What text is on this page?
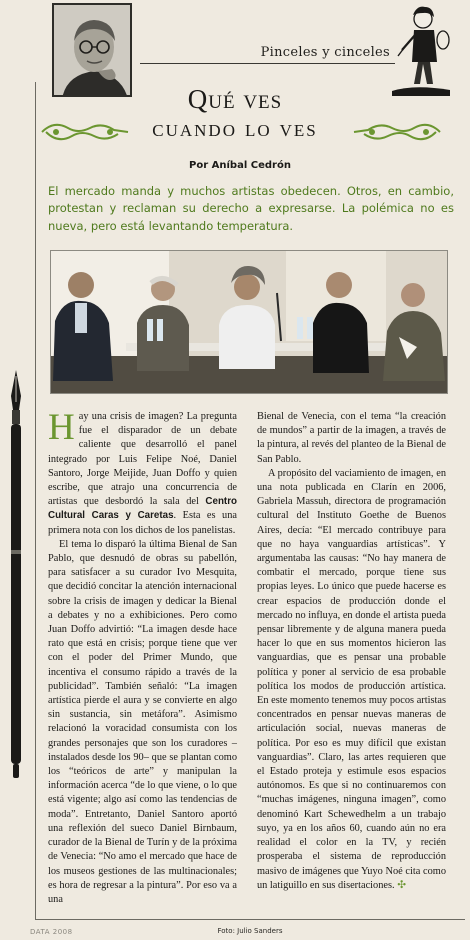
Pinceles y cinceles
Qué ves
cuando lo ves
Por Aníbal Cedrón
El mercado manda y muchos artistas obedecen. Otros, en cambio, protestan y reclaman su derecho a expresarse. La polémica no es nueva, pero está levantando temperatura.

Hay una crisis de imagen? La pregunta fue el disparador de un debate caliente que desarrolló el panel integrado por Luis Felipe Noé, Daniel Santoro, Jorge Meijide, Juan Doffo y quien escribe, que atrajo una concurrencia de artistas que desbordó la sala del Centro Cultural Caras y Caretas. Esta es una primera nota con los dichos de los panelistas.

El tema lo disparó la última Bienal de San Pablo, que desnudó de obras su pabellón, para satisfacer a su curador Ivo Mesquita, que decidió concitar la atención internacional sobre la crisis de imagen y dedicar la Bienal a debates y no a exhibiciones. Pero como Juan Doffo advirtió: “La imagen desde hace rato que está en crisis; porque tiene que ver con el poder del Primer Mundo, que incentiva el consumo rápido a través de la publicidad”. También señaló: “La imagen artística pierde el aura y se convierte en algo sin sustancia, sin metáfora”. Asimismo relacionó la voracidad consumista con los grandes personajes que son los curadores –instalados desde los 90– que se plantan como los “teóricos de arte” y manipulan la información acerca “de lo que viene, o lo que está vigente; algo así como las tendencias de moda”. Entretanto, Daniel Santoro aportó una reflexión del sueco Daniel Birnbaum, curador de la Bienal de Turín y de la próxima de Venecia: “No amo el mercado que hace de los museos gestiones de las multinacionales; es hora de regresar a la pintura”. Por eso va a una

Bienal de Venecia, con el tema “la creación de mundos” a partir de la imagen, a través de la pintura, al revés del planteo de la Bienal de San Pablo.

A propósito del vaciamiento de imagen, en una nota publicada en Clarín en 2006, Gabriela Massuh, directora de programación cultural del Instituto Goethe de Buenos Aires, decía: “El mercado contribuye para que no haya vanguardias artísticas”. Y argumentaba las causas: “No hay manera de combatir el mercado, porque tiene sus propias leyes. Lo único que puede hacerse es crear espacios de producción donde el mercado no influya, en donde el artista pueda pensar libremente y de alguna manera pueda hacer lo que en sus momentos hicieron las vanguardias, que es pensar una probable política y poner al servicio de esa probable política los modos de producción artística. En este momento tenemos muy pocos artistas concentrados en pensar nuevas maneras de articulación social, nuevas maneras de política. Por eso es muy difícil que existan vanguardias”. Claro, las artes requieren que el Estado proteja y estimule esos espacios autónomos. Es que si no continuaremos con “muchas imágenes, ninguna imagen”, como denominó Kart Schewedhelm a un trabajo suyo, ya en los años 60, cuando aún no era realidad el color en la TV, y recién prosperaba el sistema de reproducción masivo de imágenes que Yuyo Noé cita como un latiguillo en sus disertaciones. ✣

Foto: Julio Sanders
DATA 2008
